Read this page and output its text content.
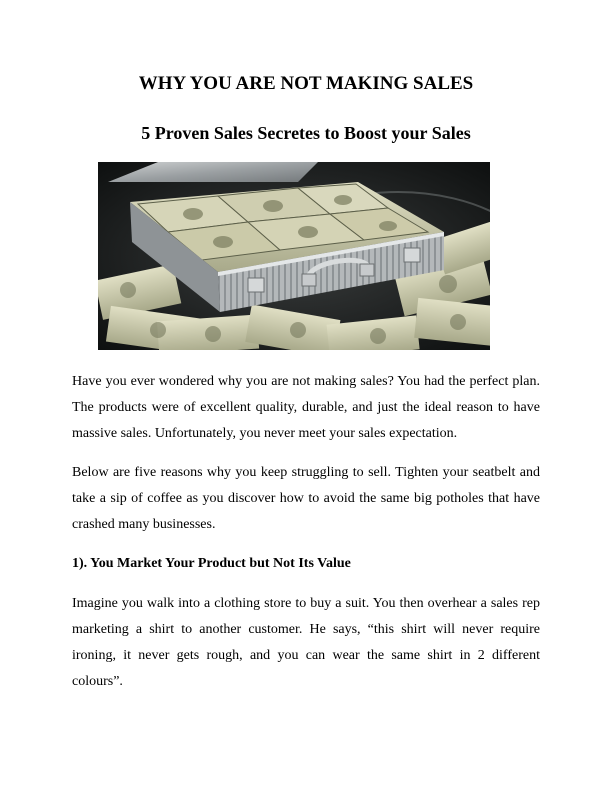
WHY YOU ARE NOT MAKING SALES
5 Proven Sales Secretes to Boost your Sales

Have you ever wondered why you are not making sales? You had the perfect plan. The products were of excellent quality, durable, and just the ideal reason to have massive sales. Unfortunately, you never meet your sales expectation.

Below are five reasons why you keep struggling to sell. Tighten your seatbelt and take a sip of coffee as you discover how to avoid the same big potholes that have crashed many businesses.

1). You Market Your Product but Not Its Value

Imagine you walk into a clothing store to buy a suit. You then overhear a sales rep marketing a shirt to another customer. He says, “this shirt will never require ironing, it never gets rough, and you can wear the same shirt in 2 different colours”.
